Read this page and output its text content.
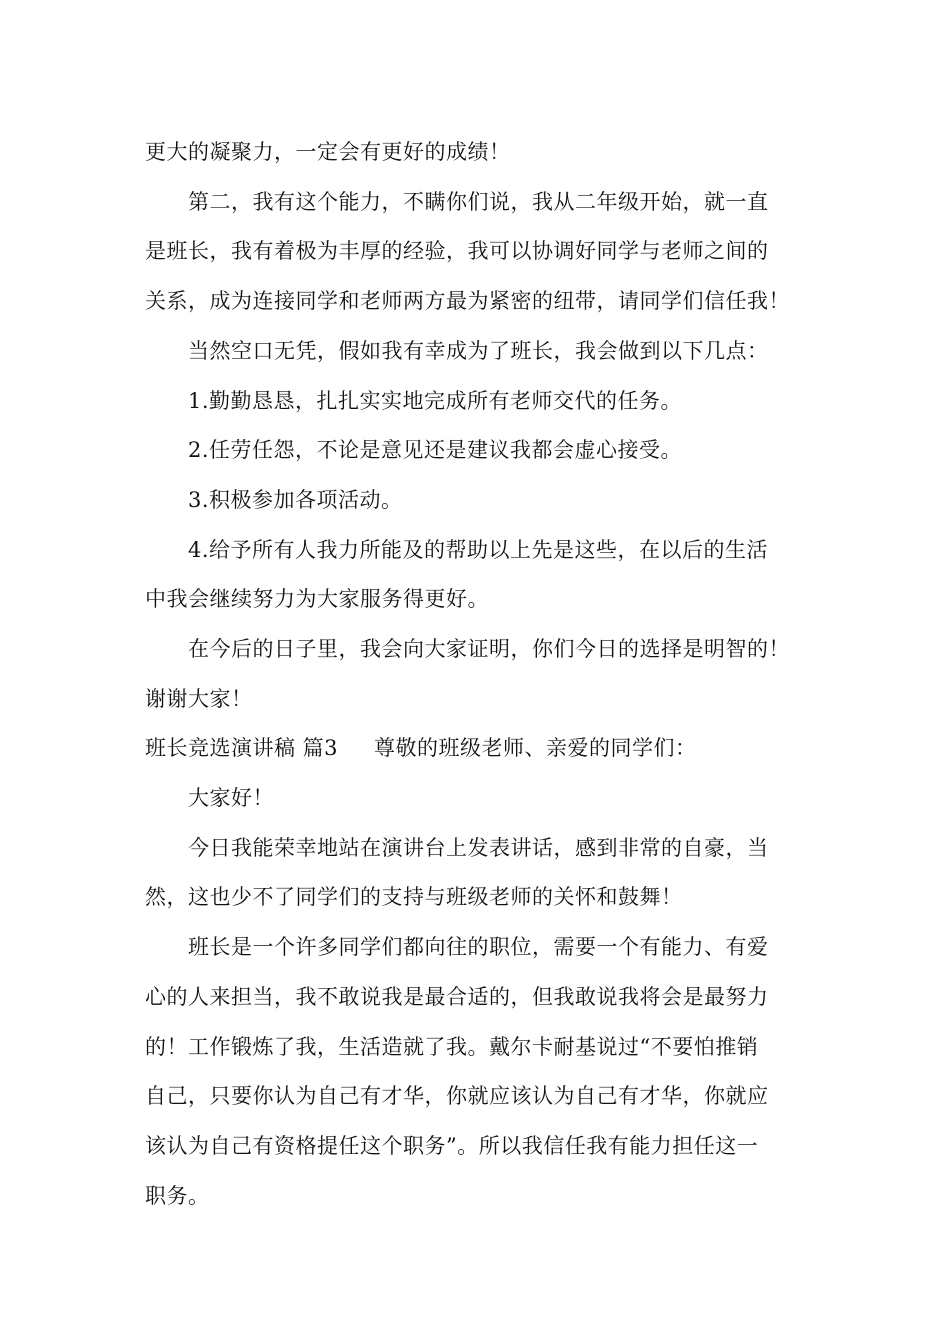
更大的凝聚力，一定会有更好的成绩！
第二，我有这个能力，不瞒你们说，我从二年级开始，就一直
是班长，我有着极为丰厚的经验，我可以协调好同学与老师之间的
关系，成为连接同学和老师两方最为紧密的纽带，请同学们信任我！
当然空口无凭，假如我有幸成为了班长，我会做到以下几点：
1.勤勤恳恳，扎扎实实地完成所有老师交代的任务。
2.任劳任怨，不论是意见还是建议我都会虚心接受。
3.积极参加各项活动。
4.给予所有人我力所能及的帮助以上先是这些，在以后的生活
中我会继续努力为大家服务得更好。
在今后的日子里，我会向大家证明，你们今日的选择是明智的！
谢谢大家！
班长竞选演讲稿 篇3 尊敬的班级老师、亲爱的同学们：
大家好！
今日我能荣幸地站在演讲台上发表讲话，感到非常的自豪，当
然，这也少不了同学们的支持与班级老师的关怀和鼓舞！
班长是一个许多同学们都向往的职位，需要一个有能力、有爱
心的人来担当，我不敢说我是最合适的，但我敢说我将会是最努力
的！工作锻炼了我，生活造就了我。戴尔卡耐基说过“不要怕推销
自己，只要你认为自己有才华，你就应该认为自己有才华，你就应
该认为自己有资格提任这个职务”。所以我信任我有能力担任这一
职务。
